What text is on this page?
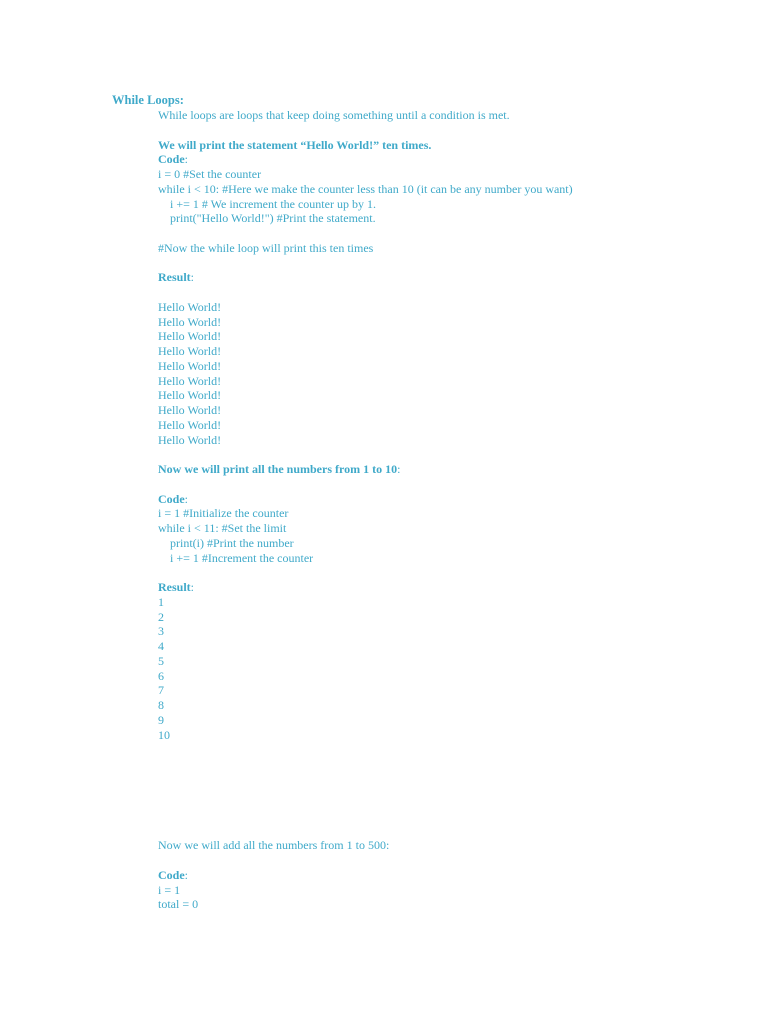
While Loops:
While loops are loops that keep doing something until a condition is met.
We will print the statement “Hello World!” ten times.
Code:
i = 0 #Set the counter
while i < 10: #Here we make the counter less than 10 (it can be any number you want)
i += 1 # We increment the counter up by 1.
print("Hello World!") #Print the statement.
#Now the while loop will print this ten times
Result:
Hello World!
Hello World!
Hello World!
Hello World!
Hello World!
Hello World!
Hello World!
Hello World!
Hello World!
Hello World!
Now we will print all the numbers from 1 to 10:
Code:
i = 1 #Initialize the counter
while i < 11: #Set the limit
print(i) #Print the number
i += 1 #Increment the counter
Result:
1
2
3
4
5
6
7
8
9
10
Now we will add all the numbers from 1 to 500:
Code:
i = 1
total = 0
